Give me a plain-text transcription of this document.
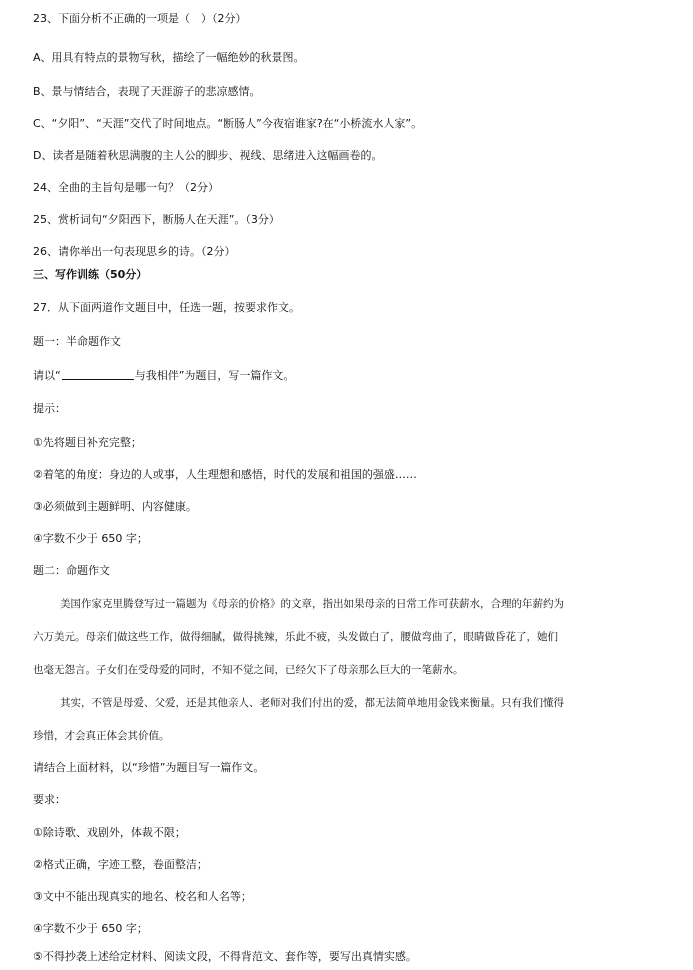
23、下面分析不正确的一项是（　）（2分）
A、用具有特点的景物写秋，描绘了一幅绝妙的秋景图。
B、景与情结合，表现了天涯游子的悲凉感情。
C、“夕阳”、“天涯”交代了时间地点。“断肠人”今夜宿谁家?在“小桥流水人家”。
D、读者是随着秋思满腹的主人公的脚步、视线、思绪进入这幅画卷的。
24、全曲的主旨句是哪一句？（2分）
25、赏析词句“夕阳西下，断肠人在天涯”。（3分）
26、请你举出一句表现思乡的诗。（2分）
三、写作训练（50分）
27．从下面两道作文题目中，任选一题，按要求作文。
题一：半命题作文
请以“	与我相伴”为题目，写一篇作文。
提示：
①先将题目补充完整；
②着笔的角度：身边的人或事，人生理想和感悟，时代的发展和祖国的强盛……
③必须做到主题鲜明、内容健康。
④字数不少于 650 字；
题二：命题作文
美国作家克里腾登写过一篇题为《母亲的价格》的文章，指出如果母亲的日常工作可获薪水，合理的年薪约为
六万美元。母亲们做这些工作，做得细腻，做得挑辣，乐此不疲，头发做白了，腰做弯曲了，眼睛做昏花了，她们
也毫无怨言。子女们在受母爱的同时，不知不觉之间，已经欠下了母亲那么巨大的一笔薪水。
其实，不管是母爱、父爱，还是其他亲人、老师对我们付出的爱，都无法简单地用金钱来衡量。只有我们懂得
珍惜，才会真正体会其价值。
请结合上面材料，以“珍惜”为题目写一篇作文。
要求：
①除诗歌、戏剧外，体裁不限；
②格式正确，字迹工整，卷面整洁；
③文中不能出现真实的地名、校名和人名等；
④字数不少于 650 字；
⑤不得抄袭上述给定材料、阅读文段，不得背范文、套作等，要写出真情实感。
